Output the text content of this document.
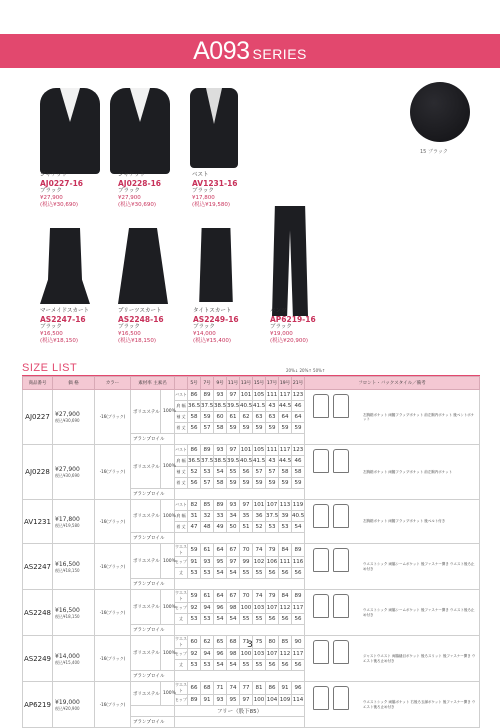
A093 SERIES
15 ブラック
ジャケット
AJ0227-16
ブラック
¥27,900
(税込¥30,690)
ジャケット
AJ0228-16
ブラック
¥27,900
(税込¥30,690)
ベスト
AV1231-16
ブラック
¥17,800
(税込¥19,580)
マーメイドスカート
AS2247-16
ブラック
¥16,500
(税込¥18,150)
プリーツスカート
AS2248-16
ブラック
¥16,500
(税込¥18,150)
タイトスカート
AS2249-16
ブラック
¥14,000
(税込¥15,400)
パンツ
AP6219-16
ブラック
¥19,000
(税込¥20,900)
SIZE LIST	20%↓ 20%↑ 50%↑
商品番号	価 格	カラー	素材率 主素名			5号	7号	9号	11号	13号	15号	17号	19号	21号	フロント・バックスタイル／備考
AJ0227	¥27,900
税込¥30,690	-16(ブラック)	ポリエステル	100%	バスト	86	89	93	97	101	105	111	117	123	左胸箱ポケット 両腰フラップポケット 前左胸内ポケット 後ベントポケット
					肩 幅	36.5	37.5	38.5	39.5	40.5	41.5	43	44.5	46	
					袖 丈	58	59	60	61	62	63	63	64	64	
					着 丈	56	57	58	59	59	59	59	59	59	
			ブランプロイル												
AJ0228	¥27,900
税込¥30,690	-16(ブラック)	ポリエステル	100%	バスト	86	89	93	97	101	105	111	117	123	左胸箱ポケット 両腰フラップポケット 前左胸内ポケット
					肩 幅	36.5	37.5	38.5	39.5	40.5	41.5	43	44.5	46	
					袖 丈	52	53	54	55	56	57	57	58	58	
					着 丈	56	57	58	59	59	59	59	59	59	
			ブランプロイル												
AV1231	¥17,800
税込¥19,580	-16(ブラック)	ポリエステル	100%	バスト	82	85	89	93	97	101	107	113	119	左胸箱ポケット 両腰フラップポケット 後ベルト付き
					肩 幅	31	32	33	34	35	36	37.5	39	40.5	
					着 丈	47	48	49	50	51	52	53	53	54	
			ブランプロイル												
AS2247	¥16,500
税込¥18,150	-16(ブラック)	ポリエステル	100%	ウエスト	59	61	64	67	70	74	79	84	89	ウエストシック 両脇シームポケット 後ファスナー開き ウエスト後ろ止め付き
					ヒップ	91	93	95	97	99	102	106	111	116	
					丈	53	53	54	54	55	55	56	56	56	
			ブランプロイル												
AS2248	¥16,500
税込¥18,150	-16(ブラック)	ポリエステル	100%	ウエスト	59	61	64	67	70	74	79	84	89	ウエストシック 両脇シームポケット 後ファスナー開き ウエスト後ろ止め付き
					ヒップ	92	94	96	98	100	103	107	112	117	
					丈	53	53	54	54	55	55	56	56	56	
			ブランプロイル												
AS2249	¥14,000
税込¥15,400	-16(ブラック)	ポリエステル	100%	ウエスト	60	62	65	68	71	75	80	85	90	ジャストウエスト 両脇縫目ポケット 後ろスリット 後ファスナー開き ウエスト後ろ止め付き
					ヒップ	92	94	96	98	100	103	107	112	117	
					丈	53	53	54	54	55	55	56	56	56	
			ブランプロイル												
AP6219	¥19,000
税込¥20,900	-16(ブラック)	ポリエステル	100%	ウエスト	66	68	71	74	77	81	86	91	96	ウエストシック 両脇ポケット 右後ろ玉縁ポケット 後ファスナー開き ウエスト後ろ止め付き
					ヒップ	89	91	93	95	97	100	104	109	114	
					フリー（股下85）										
			ブランプロイル												
3
